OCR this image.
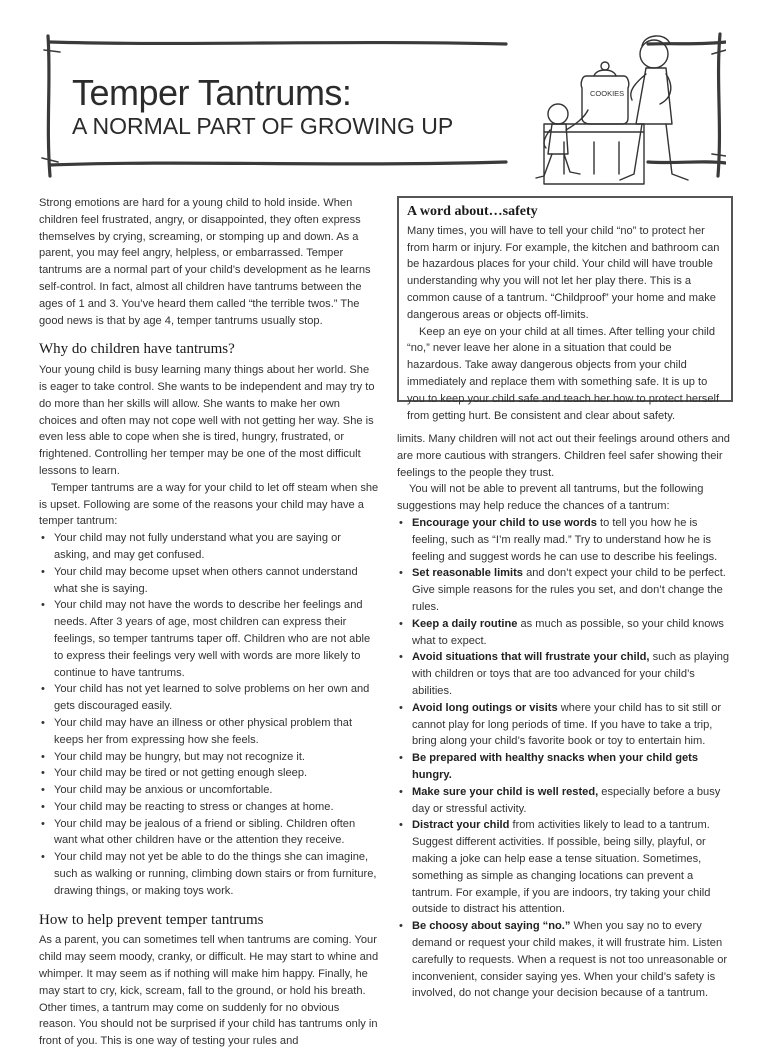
Temper Tantrums:
A NORMAL PART OF GROWING UP
COOKIES

Strong emotions are hard for a young child to hold inside. When children feel frustrated, angry, or disappointed, they often express themselves by crying, screaming, or stomping up and down. As a parent, you may feel angry, helpless, or embarrassed. Temper tantrums are a normal part of your child’s development as he learns self-control. In fact, almost all children have tantrums between the ages of 1 and 3. You’ve heard them called “the terrible twos.” The good news is that by age 4, temper tantrums usually stop.

Why do children have tantrums?

Your young child is busy learning many things about her world. She is eager to take control. She wants to be independent and may try to do more than her skills will allow. She wants to make her own choices and often may not cope well with not getting her way. She is even less able to cope when she is tired, hungry, frustrated, or frightened. Controlling her temper may be one of the most difficult lessons to learn.

Temper tantrums are a way for your child to let off steam when she is upset. Following are some of the reasons your child may have a temper tantrum:

• Your child may not fully understand what you are saying or asking, and may get confused.
• Your child may become upset when others cannot understand what she is saying.
• Your child may not have the words to describe her feelings and needs. After 3 years of age, most children can express their feelings, so temper tantrums taper off. Children who are not able to express their feelings very well with words are more likely to continue to have tantrums.
• Your child has not yet learned to solve problems on her own and gets discouraged easily.
• Your child may have an illness or other physical problem that keeps her from expressing how she feels.
• Your child may be hungry, but may not recognize it.
• Your child may be tired or not getting enough sleep.
• Your child may be anxious or uncomfortable.
• Your child may be reacting to stress or changes at home.
• Your child may be jealous of a friend or sibling. Children often want what other children have or the attention they receive.
• Your child may not yet be able to do the things she can imagine, such as walking or running, climbing down stairs or from furniture, drawing things, or making toys work.
How to help prevent temper tantrums

As a parent, you can sometimes tell when tantrums are coming. Your child may seem moody, cranky, or difficult. He may start to whine and whimper. It may seem as if nothing will make him happy. Finally, he may start to cry, kick, scream, fall to the ground, or hold his breath. Other times, a tantrum may come on suddenly for no obvious reason. You should not be surprised if your child has tantrums only in front of you. This is one way of testing your rules and

A word about…safety

Many times, you will have to tell your child “no” to protect her from harm or injury. For example, the kitchen and bathroom can be hazardous places for your child. Your child will have trouble understanding why you will not let her play there. This is a common cause of a tantrum. “Childproof” your home and make dangerous areas or objects off-limits.

Keep an eye on your child at all times. After telling your child “no,” never leave her alone in a situation that could be hazardous. Take away dangerous objects from your child immediately and replace them with something safe. It is up to you to keep your child safe and teach her how to protect herself from getting hurt. Be consistent and clear about safety.

limits. Many children will not act out their feelings around others and are more cautious with strangers. Children feel safer showing their feelings to the people they trust.

You will not be able to prevent all tantrums, but the following suggestions may help reduce the chances of a tantrum:

• Encourage your child to use words to tell you how he is feeling, such as “I’m really mad.” Try to understand how he is feeling and suggest words he can use to describe his feelings.
• Set reasonable limits and don’t expect your child to be perfect. Give simple reasons for the rules you set, and don’t change the rules.
• Keep a daily routine as much as possible, so your child knows what to expect.
• Avoid situations that will frustrate your child, such as playing with children or toys that are too advanced for your child’s abilities.
• Avoid long outings or visits where your child has to sit still or cannot play for long periods of time. If you have to take a trip, bring along your child’s favorite book or toy to entertain him.
• Be prepared with healthy snacks when your child gets hungry.
• Make sure your child is well rested, especially before a busy day or stressful activity.
• Distract your child from activities likely to lead to a tantrum. Suggest different activities. If possible, being silly, playful, or making a joke can help ease a tense situation. Sometimes, something as simple as changing locations can prevent a tantrum. For example, if you are indoors, try taking your child outside to distract his attention.
• Be choosy about saying “no.” When you say no to every demand or request your child makes, it will frustrate him. Listen carefully to requests. When a request is not too unreasonable or inconvenient, consider saying yes. When your child’s safety is involved, do not change your decision because of a tantrum.
